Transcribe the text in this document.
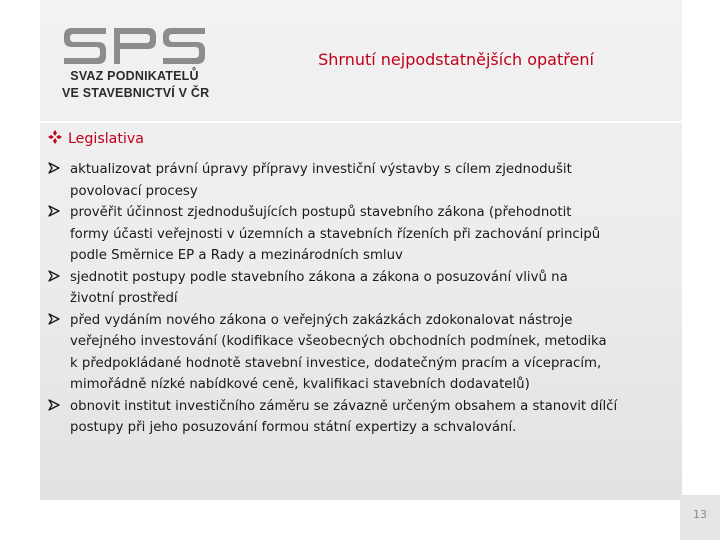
SVAZ PODNIKATELŮ
VE STAVEBNICTVÍ V ČR
Shrnutí nejpodstatnějších opatření
Legislativa
aktualizovat právní úpravy přípravy investiční výstavby s cílem zjednodušit
povolovací procesy
prověřit účinnost zjednodušujících postupů stavebního zákona (přehodnotit
formy účasti veřejnosti v územních a stavebních řízeních při zachování principů
podle Směrnice EP a Rady a mezinárodních smluv
sjednotit postupy podle stavebního zákona a zákona o posuzování vlivů na
životní prostředí
před vydáním nového zákona o veřejných zakázkách zdokonalovat nástroje
veřejného investování (kodifikace všeobecných obchodních podmínek, metodika
k předpokládané hodnotě stavební investice, dodatečným pracím a vícepracím,
mimořádně nízké nabídkové ceně, kvalifikaci stavebních dodavatelů)
obnovit institut investičního záměru se závazně určeným obsahem a stanovit dílčí
postupy při jeho posuzování formou státní expertizy a schvalování.
13
